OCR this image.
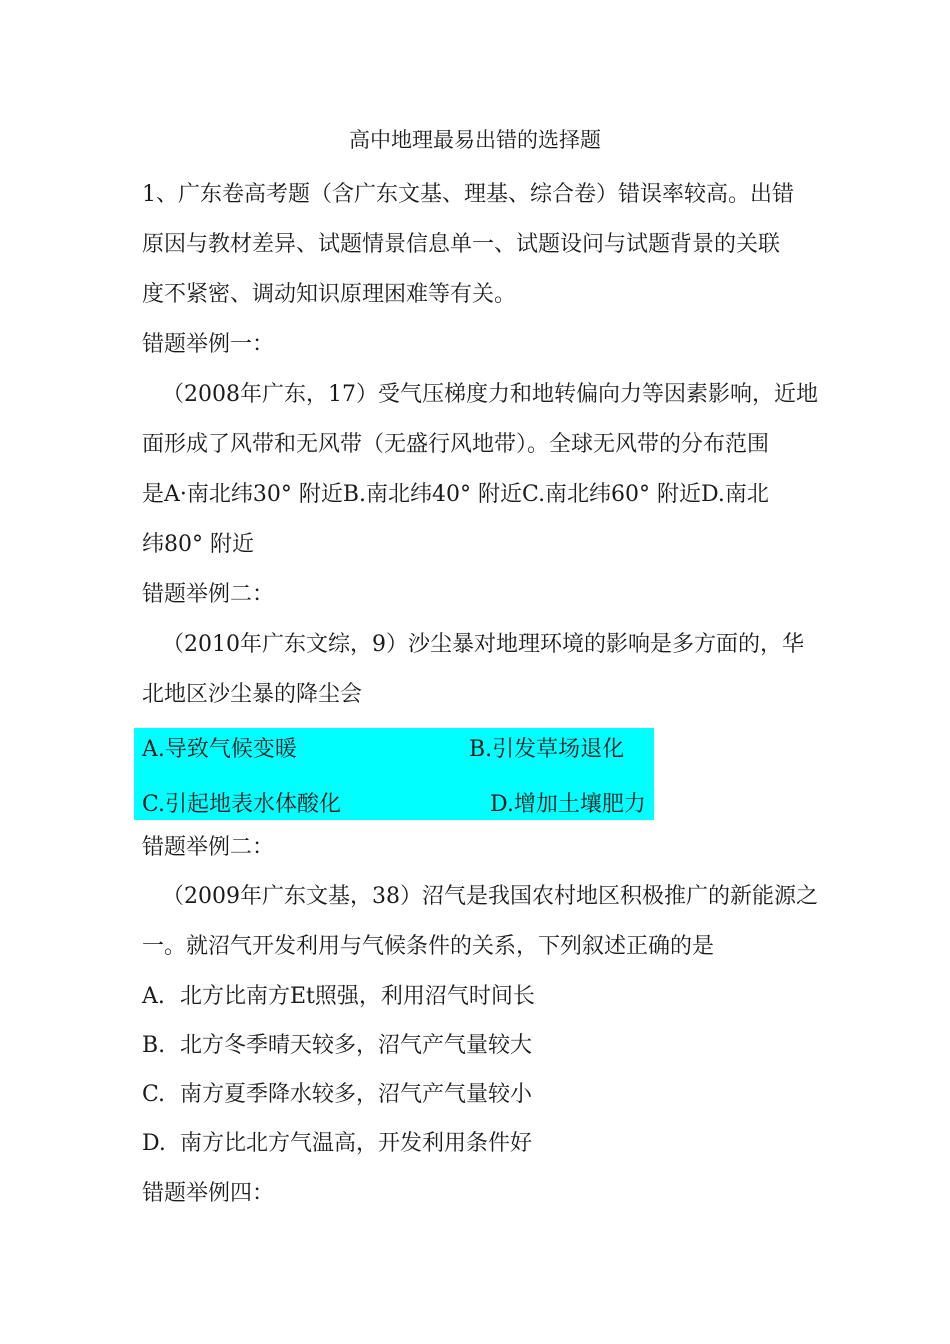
高中地理最易出错的选择题
1、广东卷高考题（含广东文基、理基、综合卷）错误率较高。出错
原因与教材差异、试题情景信息单一、试题设问与试题背景的关联
度不紧密、调动知识原理困难等有关。
错题举例一：
（2008年广东，17）受气压梯度力和地转偏向力等因素影响，近地
面形成了风带和无风带（无盛行风地带）。全球无风带的分布范围
是A·南北纬30° 附近B.南北纬40° 附近C.南北纬60° 附近D.南北
纬80° 附近
错题举例二：
（2010年广东文综，9）沙尘暴对地理环境的影响是多方面的，华
北地区沙尘暴的降尘会
A.导致气候变暖	B.引发草场退化
C.引起地表水体酸化	D.增加土壤肥力
错题举例二：
（2009年广东文基，38）沼气是我国农村地区积极推广的新能源之
一。就沼气开发利用与气候条件的关系，下列叙述正确的是
A. 北方比南方Et照强，利用沼气时间长
B. 北方冬季晴天较多，沼气产气量较大
C. 南方夏季降水较多，沼气产气量较小
D. 南方比北方气温高，开发利用条件好
错题举例四：
